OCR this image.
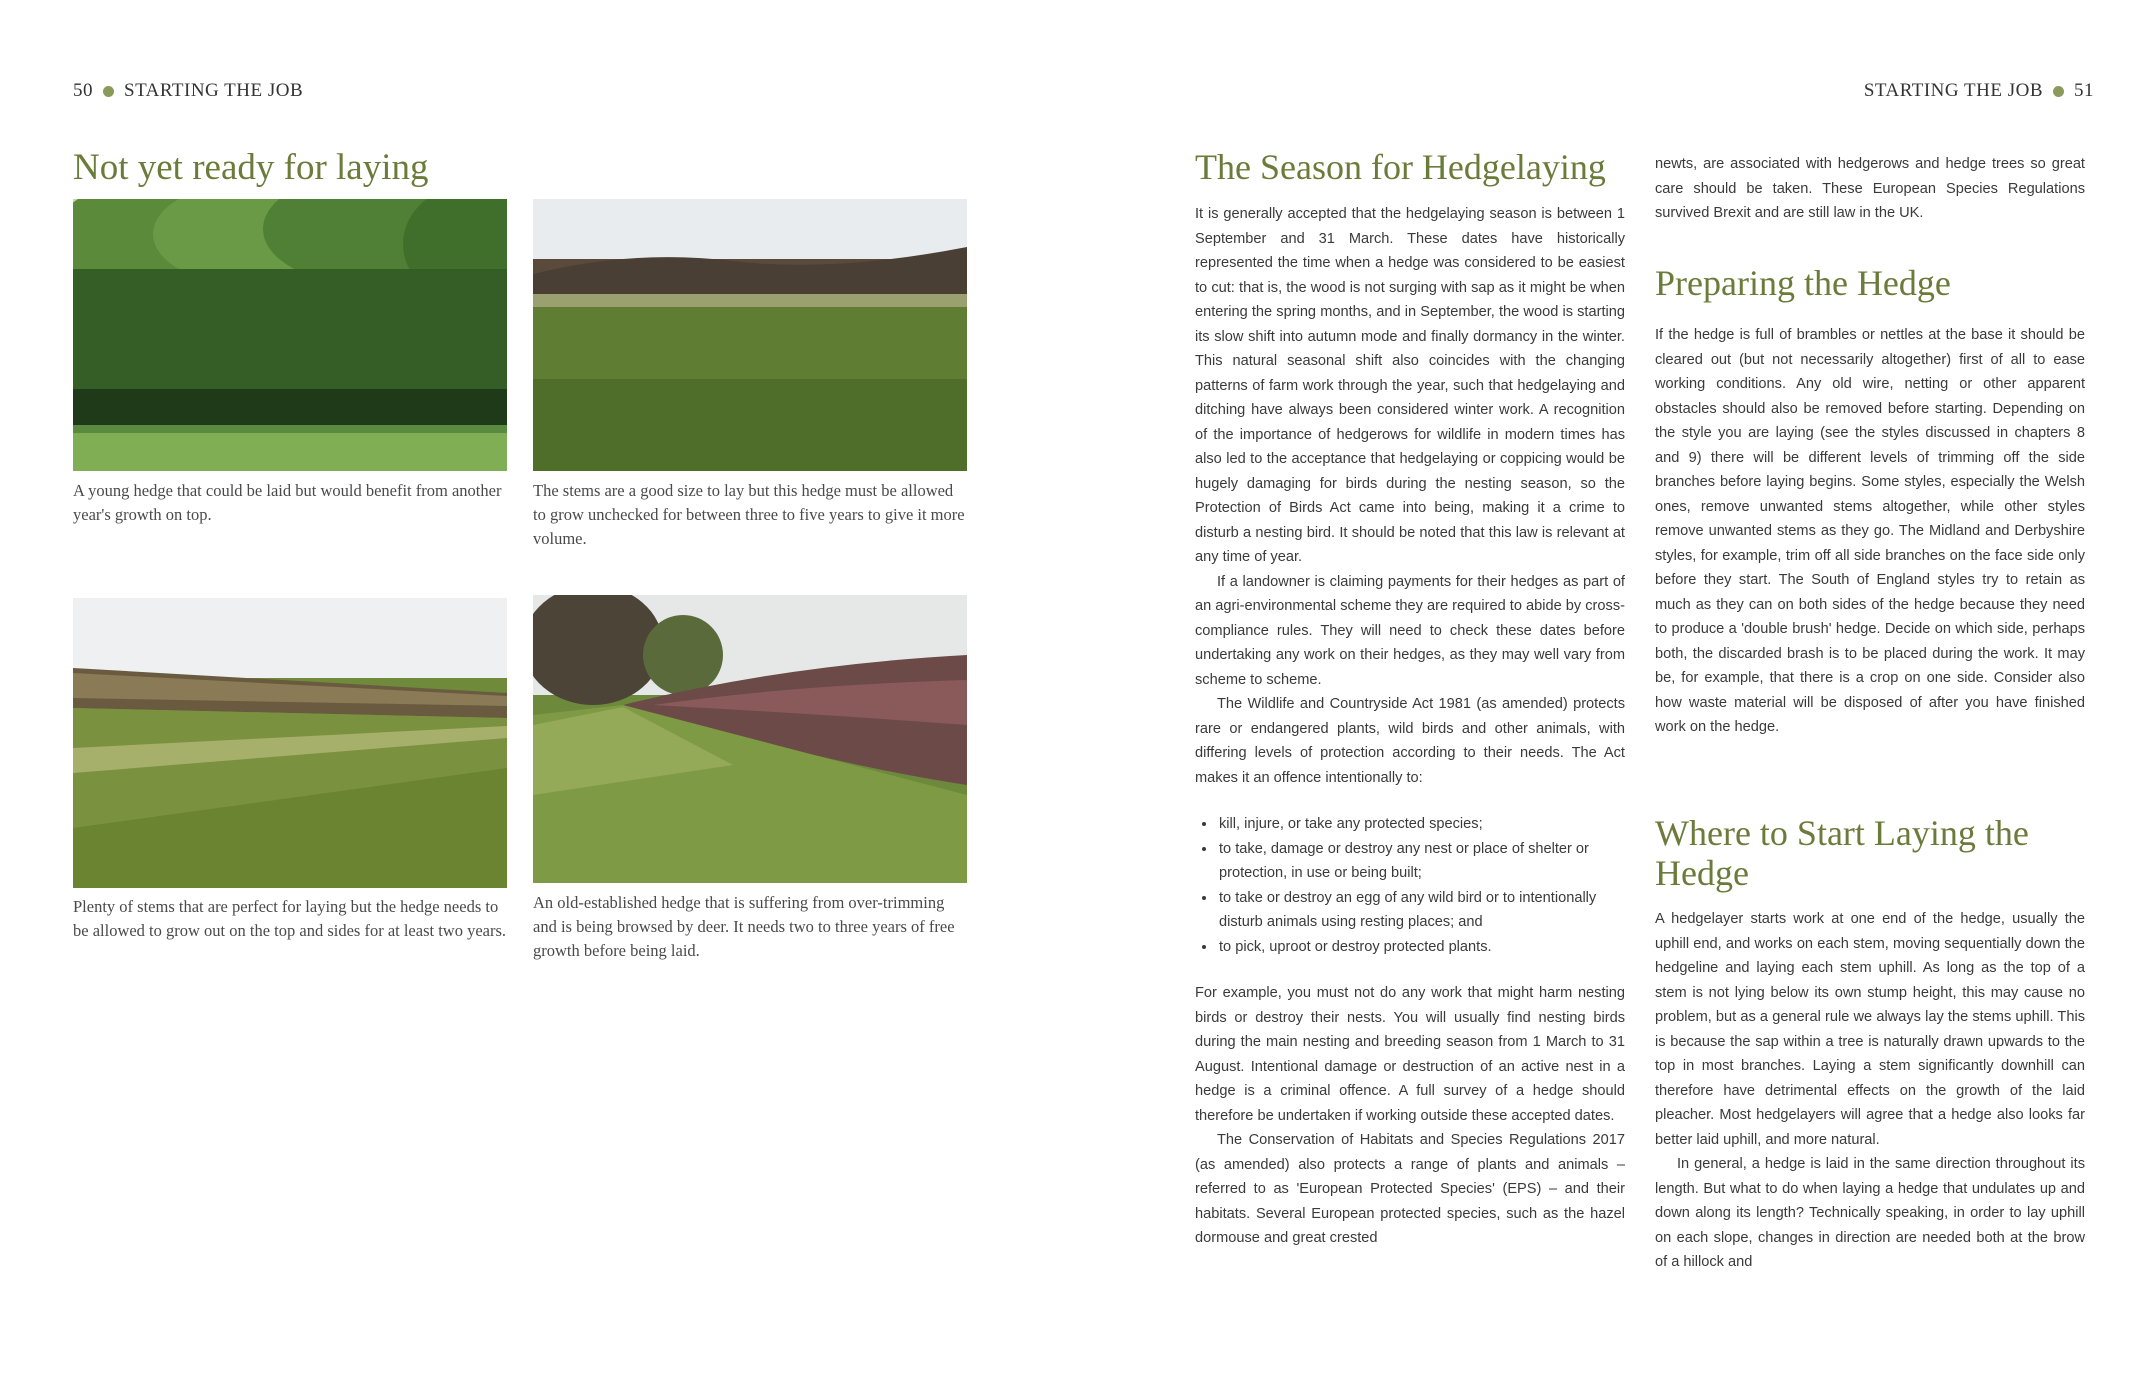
50 STARTING THE JOB	STARTING THE JOB 51
Not yet ready for laying
A young hedge that could be laid but would benefit from another year's growth on top.
The stems are a good size to lay but this hedge must be allowed to grow unchecked for between three to five years to give it more volume.
Plenty of stems that are perfect for laying but the hedge needs to be allowed to grow out on the top and sides for at least two years.
An old-established hedge that is suffering from over-trimming and is being browsed by deer. It needs two to three years of free growth before being laid.
The Season for Hedgelaying

It is generally accepted that the hedgelaying season is between 1 September and 31 March. These dates have historically represented the time when a hedge was considered to be easiest to cut: that is, the wood is not surging with sap as it might be when entering the spring months, and in September, the wood is starting its slow shift into autumn mode and finally dormancy in the winter. This natural seasonal shift also coincides with the changing patterns of farm work through the year, such that hedgelaying and ditching have always been considered winter work. A recognition of the importance of hedgerows for wildlife in modern times has also led to the acceptance that hedgelaying or coppicing would be hugely damaging for birds during the nesting season, so the Protection of Birds Act came into being, making it a crime to disturb a nesting bird. It should be noted that this law is relevant at any time of year.

If a landowner is claiming payments for their hedges as part of an agri-environmental scheme they are required to abide by cross-compliance rules. They will need to check these dates before undertaking any work on their hedges, as they may well vary from scheme to scheme.

The Wildlife and Countryside Act 1981 (as amended) protects rare or endangered plants, wild birds and other animals, with differing levels of protection according to their needs. The Act makes it an offence intentionally to:

• kill, injure, or take any protected species;
• to take, damage or destroy any nest or place of shelter or protection, in use or being built;
• to take or destroy an egg of any wild bird or to intentionally disturb animals using resting places; and
• to pick, uproot or destroy protected plants.

For example, you must not do any work that might harm nesting birds or destroy their nests. You will usually find nesting birds during the main nesting and breeding season from 1 March to 31 August. Intentional damage or destruction of an active nest in a hedge is a criminal offence. A full survey of a hedge should therefore be undertaken if working outside these accepted dates.

The Conservation of Habitats and Species Regulations 2017 (as amended) also protects a range of plants and animals – referred to as 'European Protected Species' (EPS) – and their habitats. Several European protected species, such as the hazel dormouse and great crested

newts, are associated with hedgerows and hedge trees so great care should be taken. These European Species Regulations survived Brexit and are still law in the UK.

Preparing the Hedge

If the hedge is full of brambles or nettles at the base it should be cleared out (but not necessarily altogether) first of all to ease working conditions. Any old wire, netting or other apparent obstacles should also be removed before starting. Depending on the style you are laying (see the styles discussed in chapters 8 and 9) there will be different levels of trimming off the side branches before laying begins. Some styles, especially the Welsh ones, remove unwanted stems altogether, while other styles remove unwanted stems as they go. The Midland and Derbyshire styles, for example, trim off all side branches on the face side only before they start. The South of England styles try to retain as much as they can on both sides of the hedge because they need to produce a 'double brush' hedge. Decide on which side, perhaps both, the discarded brash is to be placed during the work. It may be, for example, that there is a crop on one side. Consider also how waste material will be disposed of after you have finished work on the hedge.

Where to Start Laying the Hedge

A hedgelayer starts work at one end of the hedge, usually the uphill end, and works on each stem, moving sequentially down the hedgeline and laying each stem uphill. As long as the top of a stem is not lying below its own stump height, this may cause no problem, but as a general rule we always lay the stems uphill. This is because the sap within a tree is naturally drawn upwards to the top in most branches. Laying a stem significantly downhill can therefore have detrimental effects on the growth of the laid pleacher. Most hedgelayers will agree that a hedge also looks far better laid uphill, and more natural.

In general, a hedge is laid in the same direction throughout its length. But what to do when laying a hedge that undulates up and down along its length? Technically speaking, in order to lay uphill on each slope, changes in direction are needed both at the brow of a hillock and
